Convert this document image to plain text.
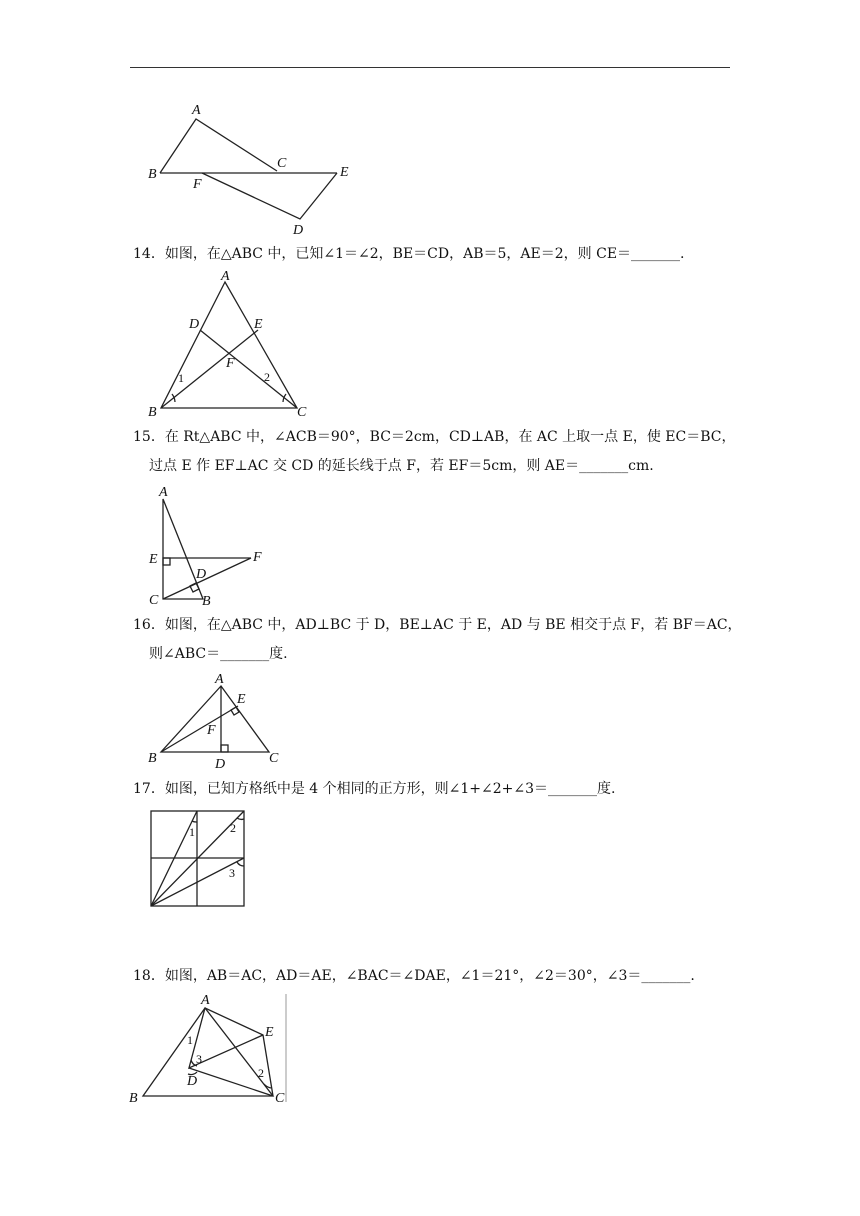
A
B
C
E
F
D
14．如图，在△ABC 中，已知∠1＝∠2，BE＝CD，AB＝5，AE＝2，则 CE＝_______.
A
B	C
D	E
F
1	2
15．在 Rt△ABC 中，∠ACB＝90°，BC＝2cm，CD⊥AB，在 AC 上取一点 E，使 EC＝BC，
过点 E 作 EF⊥AC 交 CD 的延长线于点 F，若 EF＝5cm，则 AE＝_______cm.
A
E	F
D
C	B
16．如图，在△ABC 中，AD⊥BC 于 D，BE⊥AC 于 E，AD 与 BE 相交于点 F，若 BF＝AC，
则∠ABC＝_______度.
A
E
F
B	D	C
17．如图，已知方格纸中是 4 个相同的正方形，则∠1+∠2+∠3＝_______度.
1	2
3
18．如图，AB＝AC，AD＝AE，∠BAC＝∠DAE，∠1＝21°，∠2＝30°，∠3＝_______.
A
E
B	C
D
1
3
2
